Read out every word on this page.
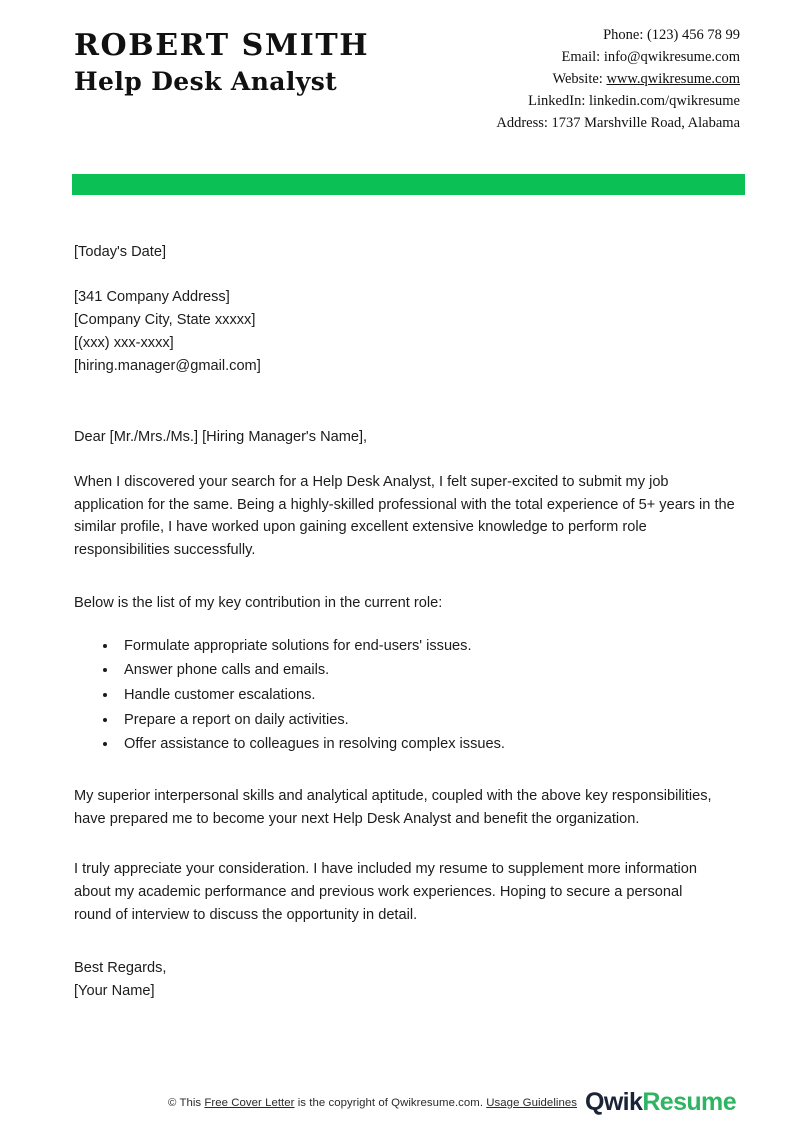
ROBERT SMITH
Help Desk Analyst
Phone: (123) 456 78 99
Email: info@qwikresume.com
Website: www.qwikresume.com
LinkedIn: linkedin.com/qwikresume
Address: 1737 Marshville Road, Alabama
[Today's Date]
[341 Company Address]
[Company City, State xxxxx]
[(xxx) xxx-xxxx]
[hiring.manager@gmail.com]
Dear [Mr./Mrs./Ms.] [Hiring Manager's Name],
When I discovered your search for a Help Desk Analyst, I felt super-excited to submit my job application for the same. Being a highly-skilled professional with the total experience of 5+ years in the similar profile, I have worked upon gaining excellent extensive knowledge to perform role responsibilities successfully.
Below is the list of my key contribution in the current role:
Formulate appropriate solutions for end-users' issues.
Answer phone calls and emails.
Handle customer escalations.
Prepare a report on daily activities.
Offer assistance to colleagues in resolving complex issues.
My superior interpersonal skills and analytical aptitude, coupled with the above key responsibilities, have prepared me to become your next Help Desk Analyst and benefit the organization.
I truly appreciate your consideration. I have included my resume to supplement more information about my academic performance and previous work experiences. Hoping to secure a personal round of interview to discuss the opportunity in detail.
Best Regards,
[Your Name]
© This Free Cover Letter is the copyright of Qwikresume.com. Usage Guidelines Qwik Resume
